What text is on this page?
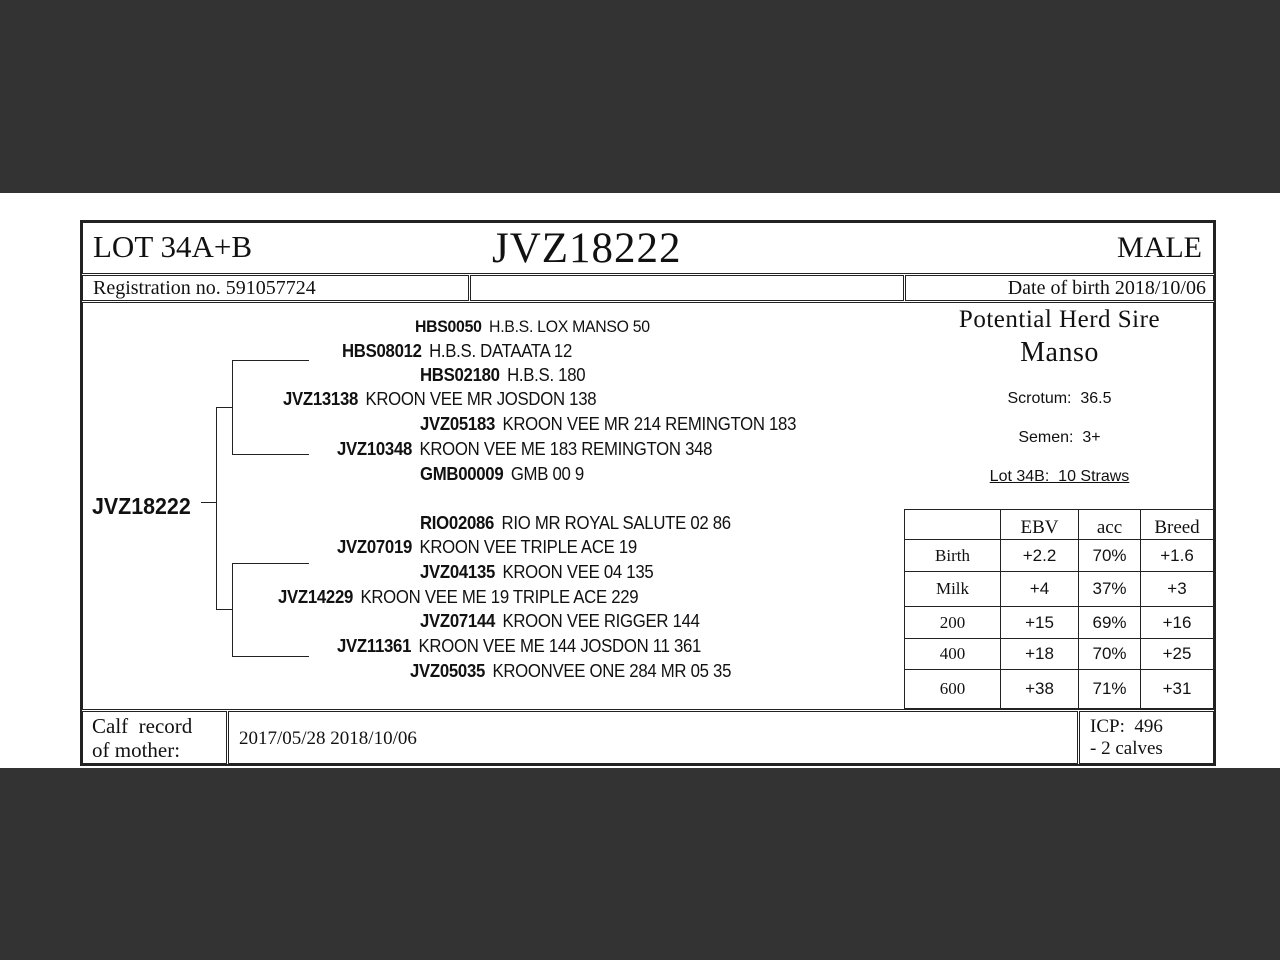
LOT 34A+B	JVZ18222	MALE
Registration no. 591057724	Date of birth 2018/10/06
JVZ18222
HBS0050 H.B.S. LOX MANSO 50
HBS08012 H.B.S. DATAATA 12
HBS02180 H.B.S. 180
JVZ13138 KROON VEE MR JOSDON 138
JVZ05183 KROON VEE MR 214 REMINGTON 183
JVZ10348 KROON VEE ME 183 REMINGTON 348
GMB00009 GMB 00 9
RIO02086 RIO MR ROYAL SALUTE 02 86
JVZ07019 KROON VEE TRIPLE ACE 19
JVZ04135 KROON VEE 04 135
JVZ14229 KROON VEE ME 19 TRIPLE ACE 229
JVZ07144 KROON VEE RIGGER 144
JVZ11361 KROON VEE ME 144 JOSDON 11 361
JVZ05035 KROONVEE ONE 284 MR 05 35
Potential Herd Sire
Manso
Scrotum:  36.5
Semen:  3+
Lot 34B:  10 Straws
	EBV	acc	Breed
Birth	+2.2	70%	+1.6
Milk	+4	37%	+3
200	+15	69%	+16
400	+18	70%	+25
600	+38	71%	+31
Calf  record
of mother:	2017/05/28 2018/10/06
ICP:  496
- 2 calves
